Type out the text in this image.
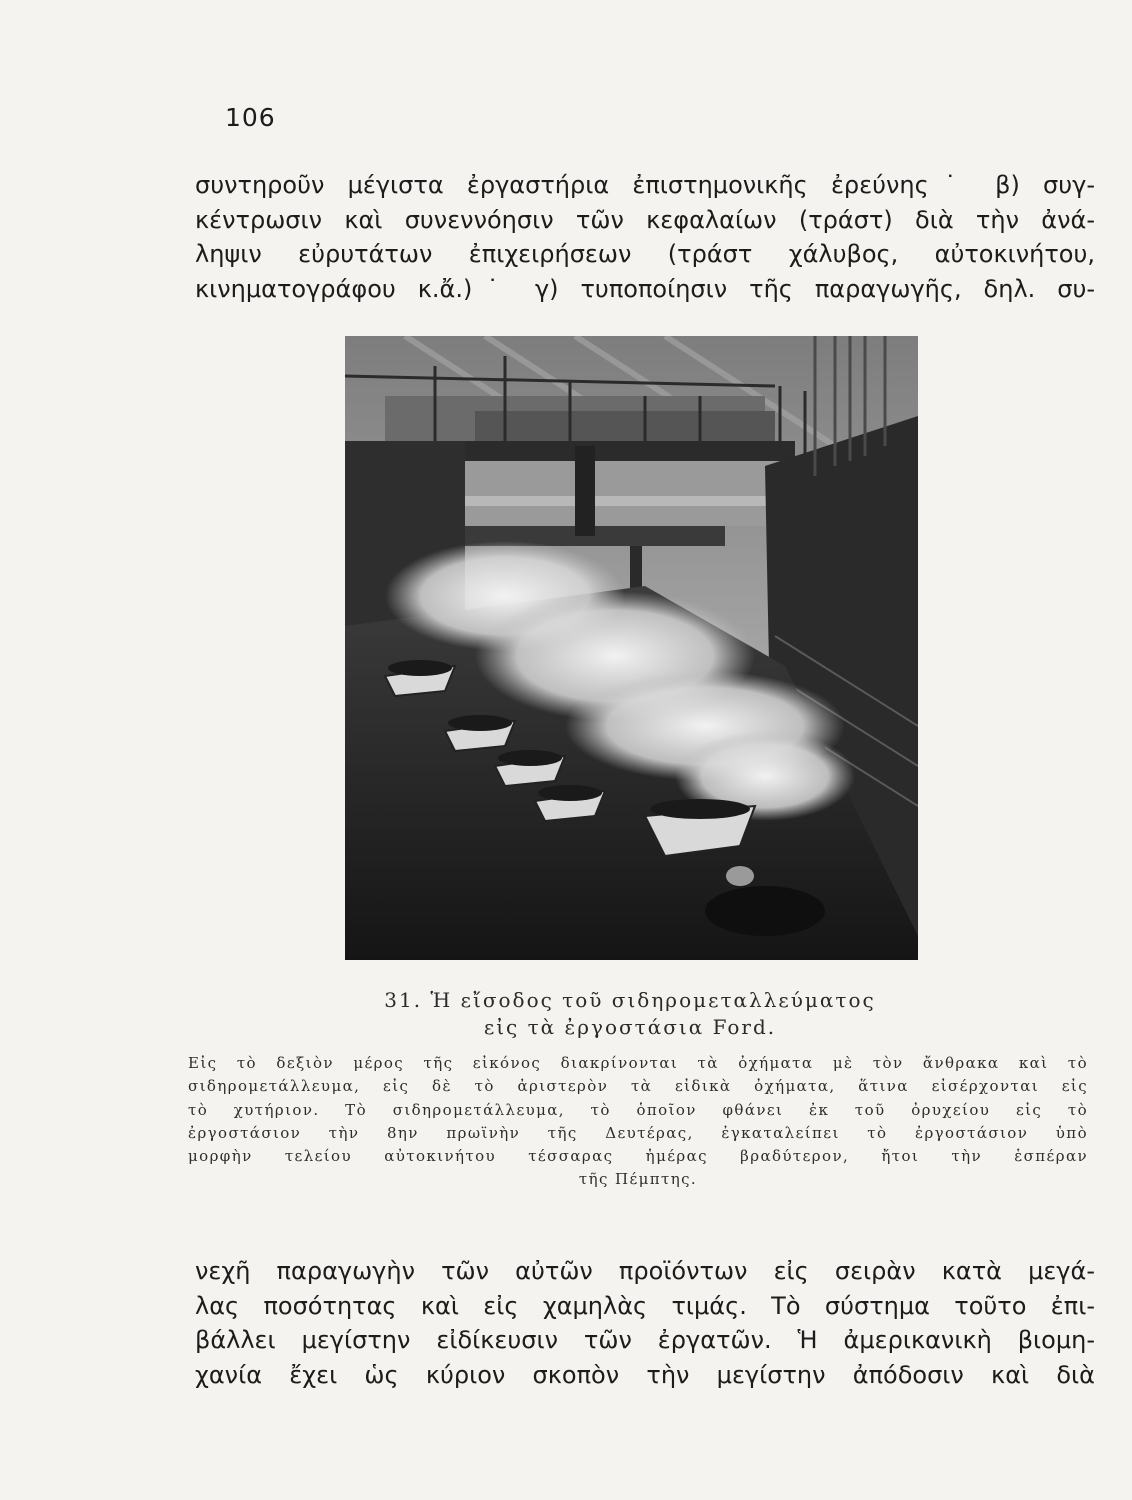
106
συντηροῦν μέγιστα ἐργαστήρια ἐπιστημονικῆς ἐρεύνης˙ β) συγ-
κέντρωσιν καὶ συνεννόησιν τῶν κεφαλαίων (τράστ) διὰ τὴν ἀνά-
ληψιν εὐρυτάτων ἐπιχειρήσεων (τράστ χάλυβος, αὐτοκινήτου,
κινηματογράφου κ.ἄ.)˙ γ) τυποποίησιν τῆς παραγωγῆς, δηλ. συ-
31. Ἡ εἴσοδος τοῦ σιδηρομεταλλεύματος
εἰς τὰ ἐργοστάσια Ford.
Εἰς τὸ δεξιὸν μέρος τῆς εἰκόνος διακρίνονται τὰ ὀχήματα μὲ τὸν ἄνθρακα καὶ τὸ
σιδηρομετάλλευμα, εἰς δὲ τὸ ἀριστερὸν τὰ εἰδικὰ ὀχήματα, ἅτινα εἰσέρχονται εἰς
τὸ χυτήριον. Τὸ σιδηρομετάλλευμα, τὸ ὁποῖον φθάνει ἐκ τοῦ ὀρυχείου εἰς τὸ
ἐργοστάσιον τὴν 8ην πρωϊνὴν τῆς Δευτέρας, ἐγκαταλείπει τὸ ἐργοστάσιον ὑπὸ
μορφὴν τελείου αὐτοκινήτου τέσσαρας ἡμέρας βραδύτερον, ἤτοι τὴν ἑσπέραν
τῆς Πέμπτης.
νεχῆ παραγωγὴν τῶν αὐτῶν προϊόντων εἰς σειρὰν κατὰ μεγά-
λας ποσότητας καὶ εἰς χαμηλὰς τιμάς. Τὸ σύστημα τοῦτο ἐπι-
βάλλει μεγίστην εἰδίκευσιν τῶν ἐργατῶν. Ἡ ἀμερικανικὴ βιομη-
χανία ἔχει ὡς κύριον σκοπὸν τὴν μεγίστην ἀπόδοσιν καὶ διὰ
